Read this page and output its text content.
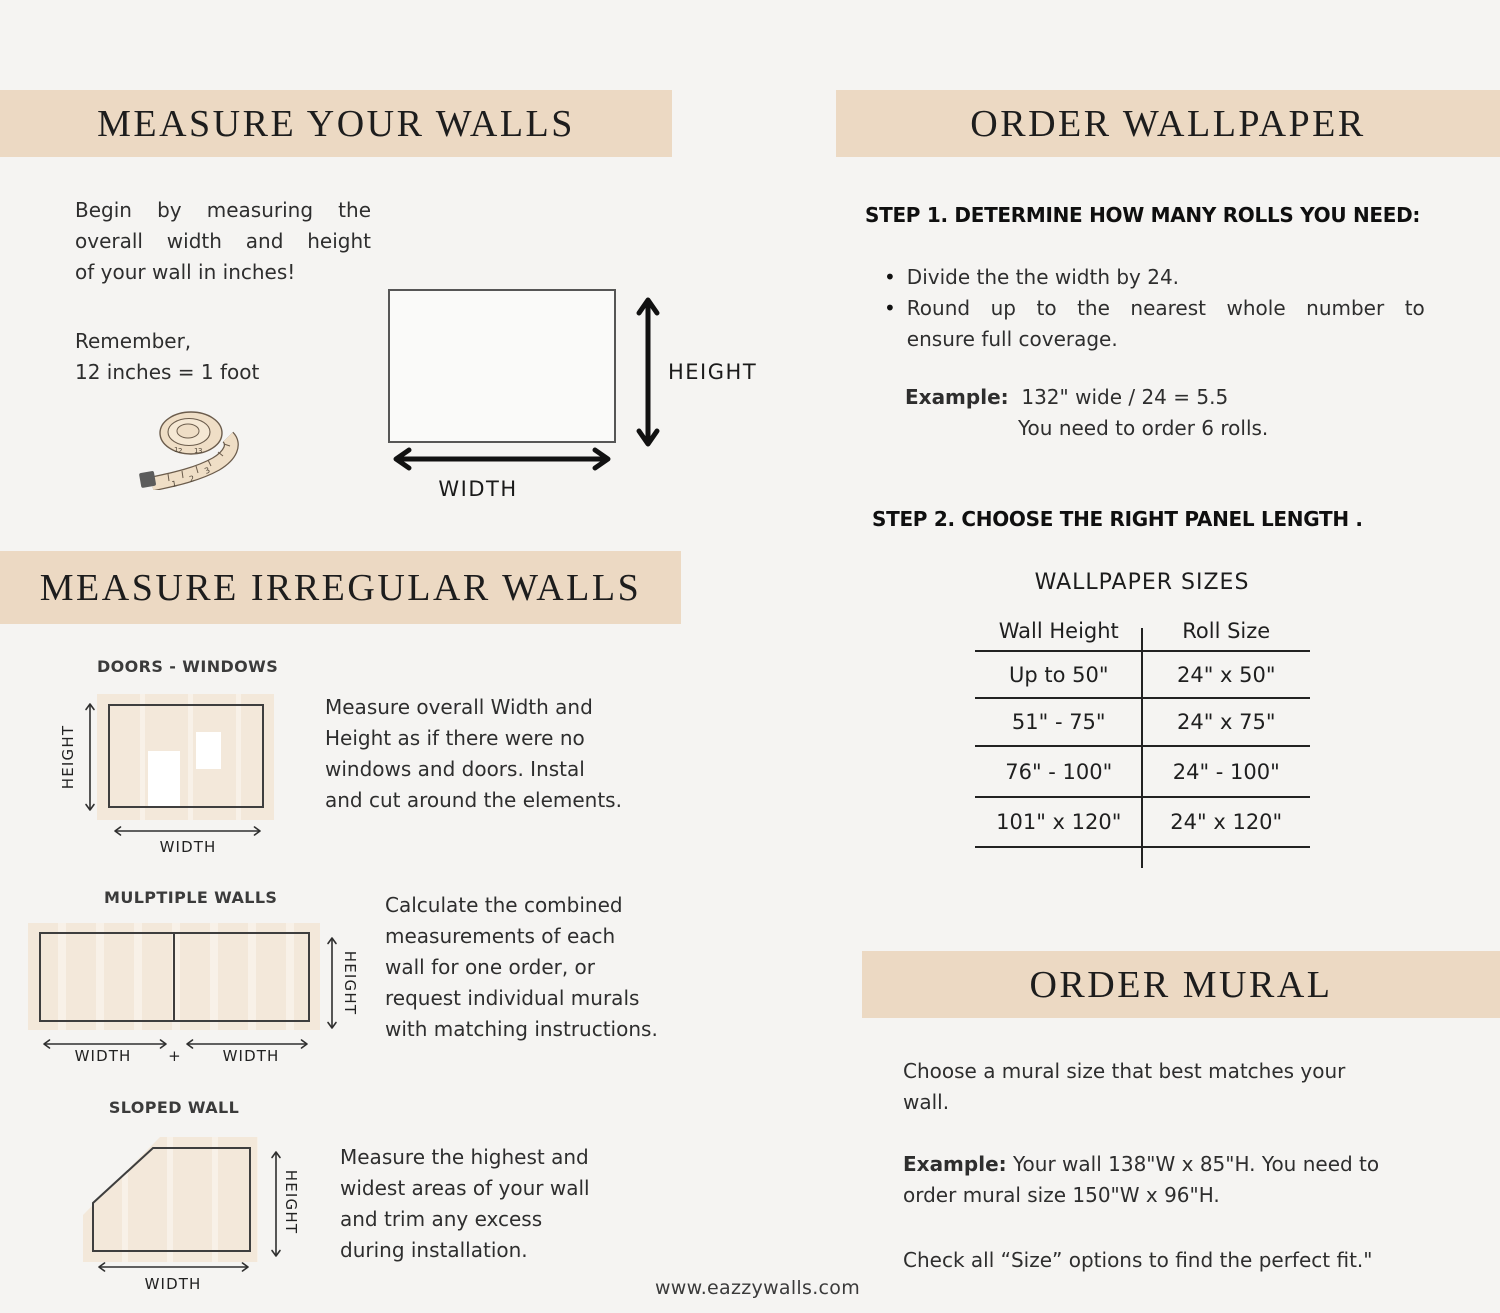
MEASURE YOUR WALLS
Begin by measuring the
overall width and height
of your wall in inches!
Remember,
12 inches = 1 foot
1
2
3
1 2 1 3
HEIGHT
WIDTH
MEASURE IRREGULAR WALLS
DOORS - WINDOWS
HEIGHT
WIDTH
Measure overall Width and
Height as if there were no
windows and doors. Instal
and cut around the elements.
MULPTIPLE WALLS
HEIGHT
WIDTH	+	WIDTH
Calculate the combined
measurements of each
wall for one order, or
request individual murals
with matching instructions.
SLOPED WALL
HEIGHT
WIDTH
Measure the highest and
widest areas of your wall
and trim any excess
during installation.
ORDER WALLPAPER
STEP 1. DETERMINE HOW MANY ROLLS YOU NEED:
• Divide the the width by 24.
• Round up to the nearest whole number to
ensure full coverage.
Example: 132" wide / 24 = 5.5
You need to order 6 rolls.
STEP 2. CHOOSE THE RIGHT PANEL LENGTH .
WALLPAPER SIZES
Wall Height	Roll Size
Up to 50"	24" x 50"
51" - 75"	24" x 75"
76" - 100"	24" - 100"
101" x 120"	24" x 120"
ORDER MURAL
Choose a mural size that best matches your
wall.
Example: Your wall 138"W x 85"H. You need to
order mural size 150"W x 96"H.
Check all “Size” options to find the perfect fit."
www.eazzywalls.com
